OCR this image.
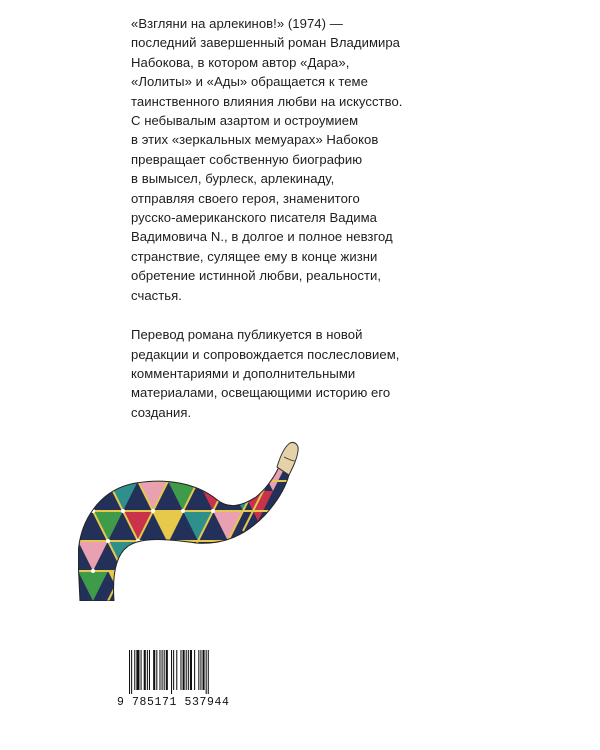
«Взгляни на арлекинов!» (1974) —
последний завершенный роман Владимира
Набокова, в котором автор «Дара»,
«Лолиты» и «Ады» обращается к теме
таинственного влияния любви на искусство.
С небывалым азартом и остроумием
в этих «зеркальных мемуарах» Набоков
превращает собственную биографию
в вымысел, бурлеск, арлекинаду,
отправляя своего героя, знаменитого
русско-американского писателя Вадима
Вадимовича N., в долгое и полное невзгод
странствие, сулящее ему в конце жизни
обретение истинной любви, реальности,
счастья.
Перевод романа публикуется в новой
редакции и сопровождается послесловием,
комментариями и дополнительными
материалами, освещающими историю его
создания.
9 785171 537944
